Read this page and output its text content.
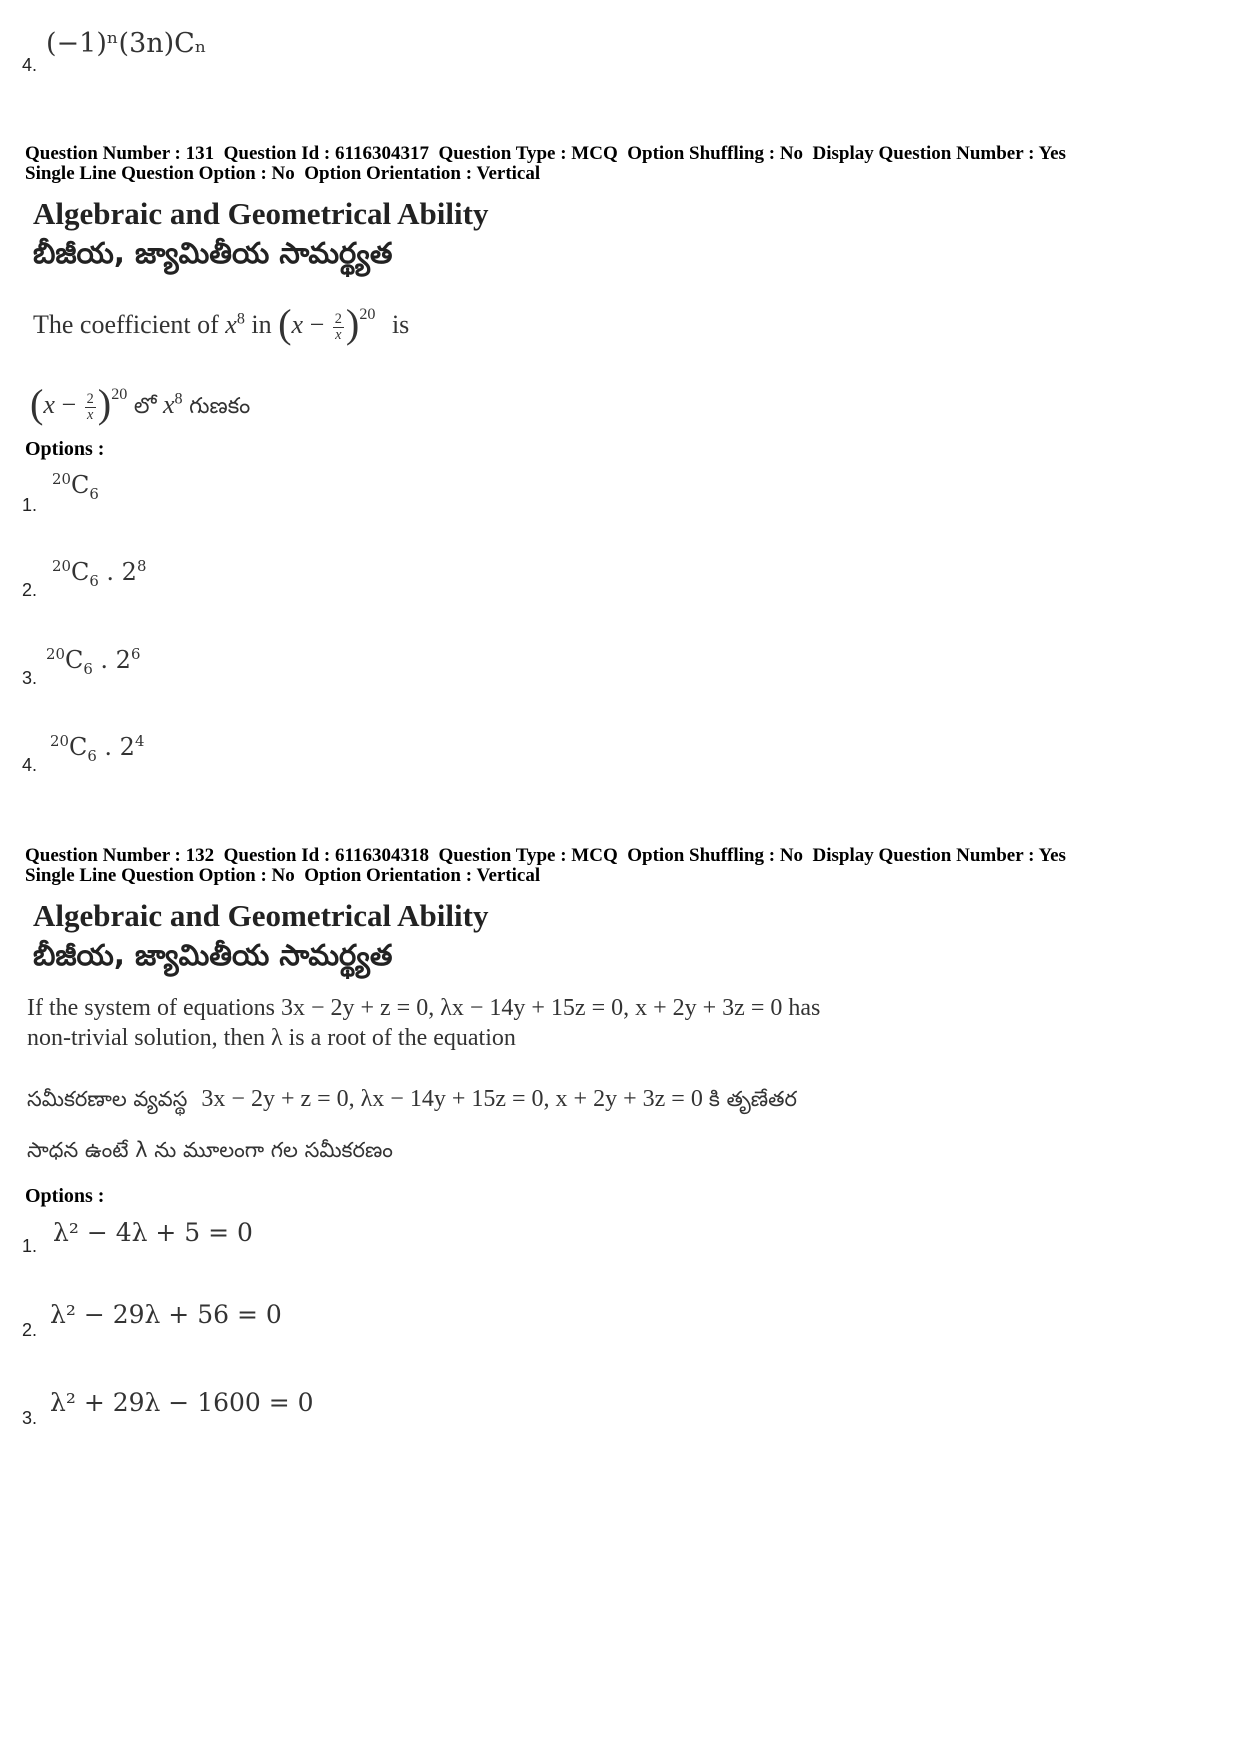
4.
(−1)ⁿ(3n)Cₙ
Question Number : 131  Question Id : 6116304317  Question Type : MCQ  Option Shuffling : No  Display Question Number : Yes
Single Line Question Option : No  Option Orientation : Vertical
Algebraic and Geometrical Ability
బీజీయ, జ్యామితీయ సామర్థ్యత
The coefficient of $x^8$ in $(x - \frac{2}{x} )^{20}$ is
$(x - \frac{2}{x} )^{20}$ లో $x^8$ గుణకం
Options :
1.
$^{20}C_6$
2.
$^{20}C_6$ . $2^8$
3.
$^{20}C_6$ . $2^6$
4.
$^{20}C_6$ . $2^4$
Question Number : 132  Question Id : 6116304318  Question Type : MCQ  Option Shuffling : No  Display Question Number : Yes
Single Line Question Option : No  Option Orientation : Vertical
Algebraic and Geometrical Ability
బీజీయ, జ్యామితీయ సామర్థ్యత
If the system of equations 3x − 2y + z = 0, λx − 14y + 15z = 0, x + 2y + 3z = 0 has
non-trivial solution, then λ is a root of the equation
సమీకరణాల వ్యవస్థ 3x − 2y + z = 0, λx − 14y + 15z = 0, x + 2y + 3z = 0 కి తృణేతర
సాధన ఉంటే λ ను మూలంగా గల సమీకరణం
Options :
1. λ² − 4λ + 5 = 0
2.
λ² − 29λ + 56 = 0
3.
λ² + 29λ − 1600 = 0
